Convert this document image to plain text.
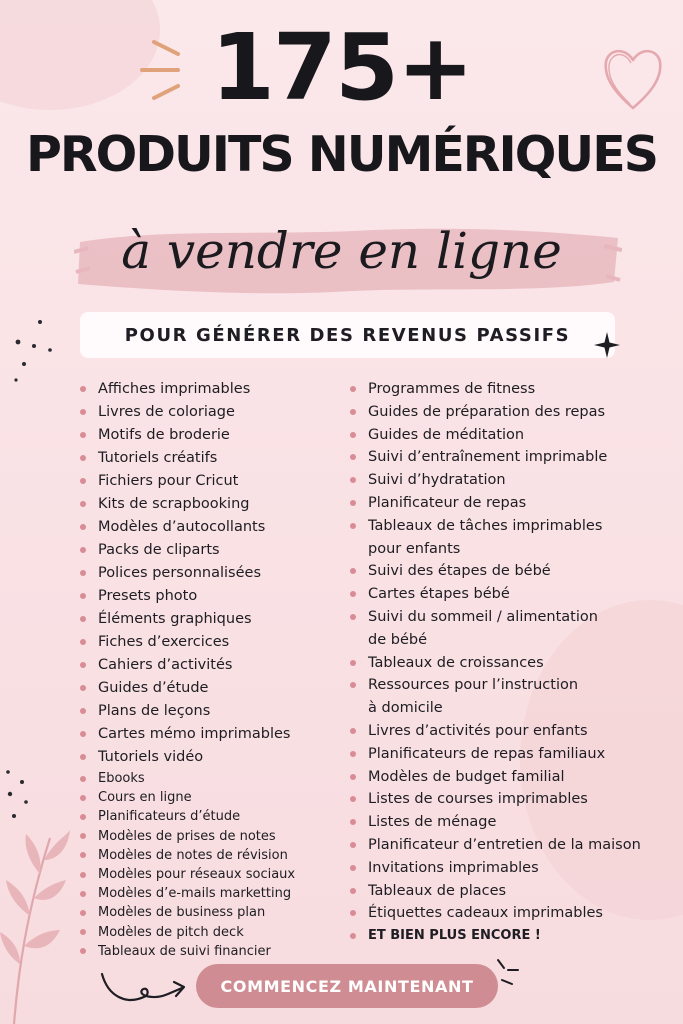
175+
PRODUITS NUMÉRIQUES
à vendre en ligne
POUR GÉNÉRER DES REVENUS PASSIFS
Affiches imprimables
Livres de coloriage
Motifs de broderie
Tutoriels créatifs
Fichiers pour Cricut
Kits de scrapbooking
Modèles d’autocollants
Packs de cliparts
Polices personnalisées
Presets photo
Éléments graphiques
Fiches d’exercices
Cahiers d’activités
Guides d’étude
Plans de leçons
Cartes mémo imprimables
Tutoriels vidéo
Ebooks
Cours en ligne
Planificateurs d’étude
Modèles de prises de notes
Modèles de notes de révision
Modèles pour réseaux sociaux
Modèles d’e-mails marketting
Modèles de business plan
Modèles de pitch deck
Tableaux de suivi financier
Programmes de fitness
Guides de préparation des repas
Guides de méditation
Suivi d’entraînement imprimable
Suivi d’hydratation
Planificateur de repas
Tableaux de tâches imprimables
pour enfants
Suivi des étapes de bébé
Cartes étapes bébé
Suivi du sommeil / alimentation
de bébé
Tableaux de croissances
Ressources pour l’instruction
à domicile
Livres d’activités pour enfants
Planificateurs de repas familiaux
Modèles de budget familial
Listes de courses imprimables
Listes de ménage
Planificateur d’entretien de la maison
Invitations imprimables
Tableaux de places
Étiquettes cadeaux imprimables
ET BIEN PLUS ENCORE !
COMMENCEZ MAINTENANT
